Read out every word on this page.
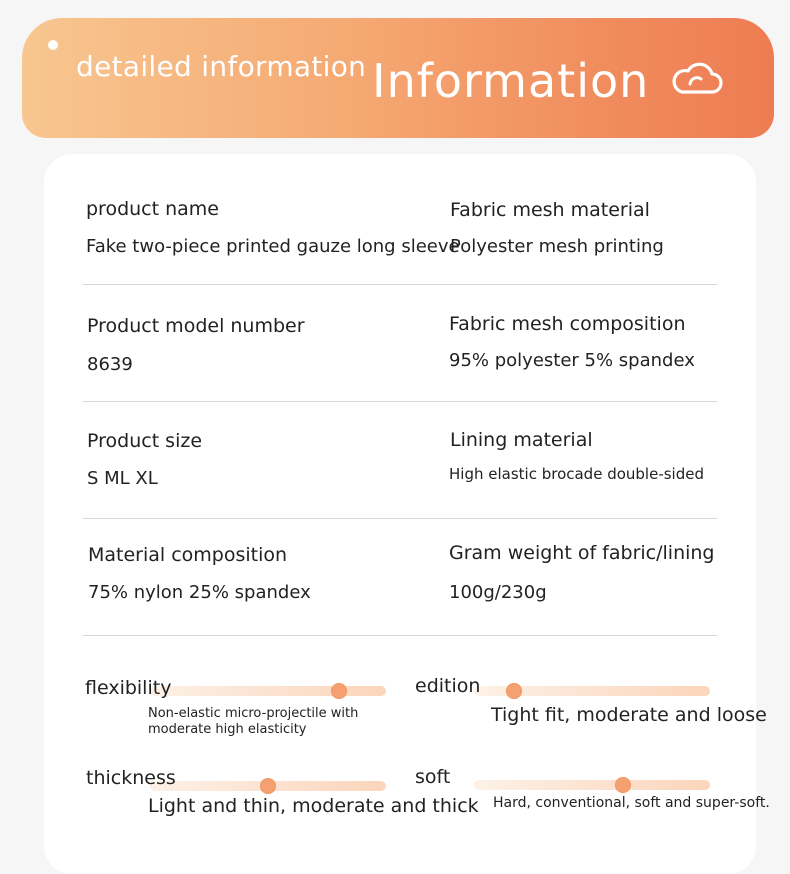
detailed information Information
product name
Fake two-piece printed gauze long sleeve
Fabric mesh material
Polyester mesh printing
Product model number
8639
Fabric mesh composition
95% polyester 5% spandex
Product size
S ML XL
Lining material
High elastic brocade double-sided
Material composition
75% nylon 25% spandex
Gram weight of fabric/lining
100g/230g
flexibility
Non-elastic micro-projectile with
moderate high elasticity
edition
Tight fit, moderate and loose
thickness
Light and thin, moderate and thick
soft
Hard, conventional, soft and super-soft.
